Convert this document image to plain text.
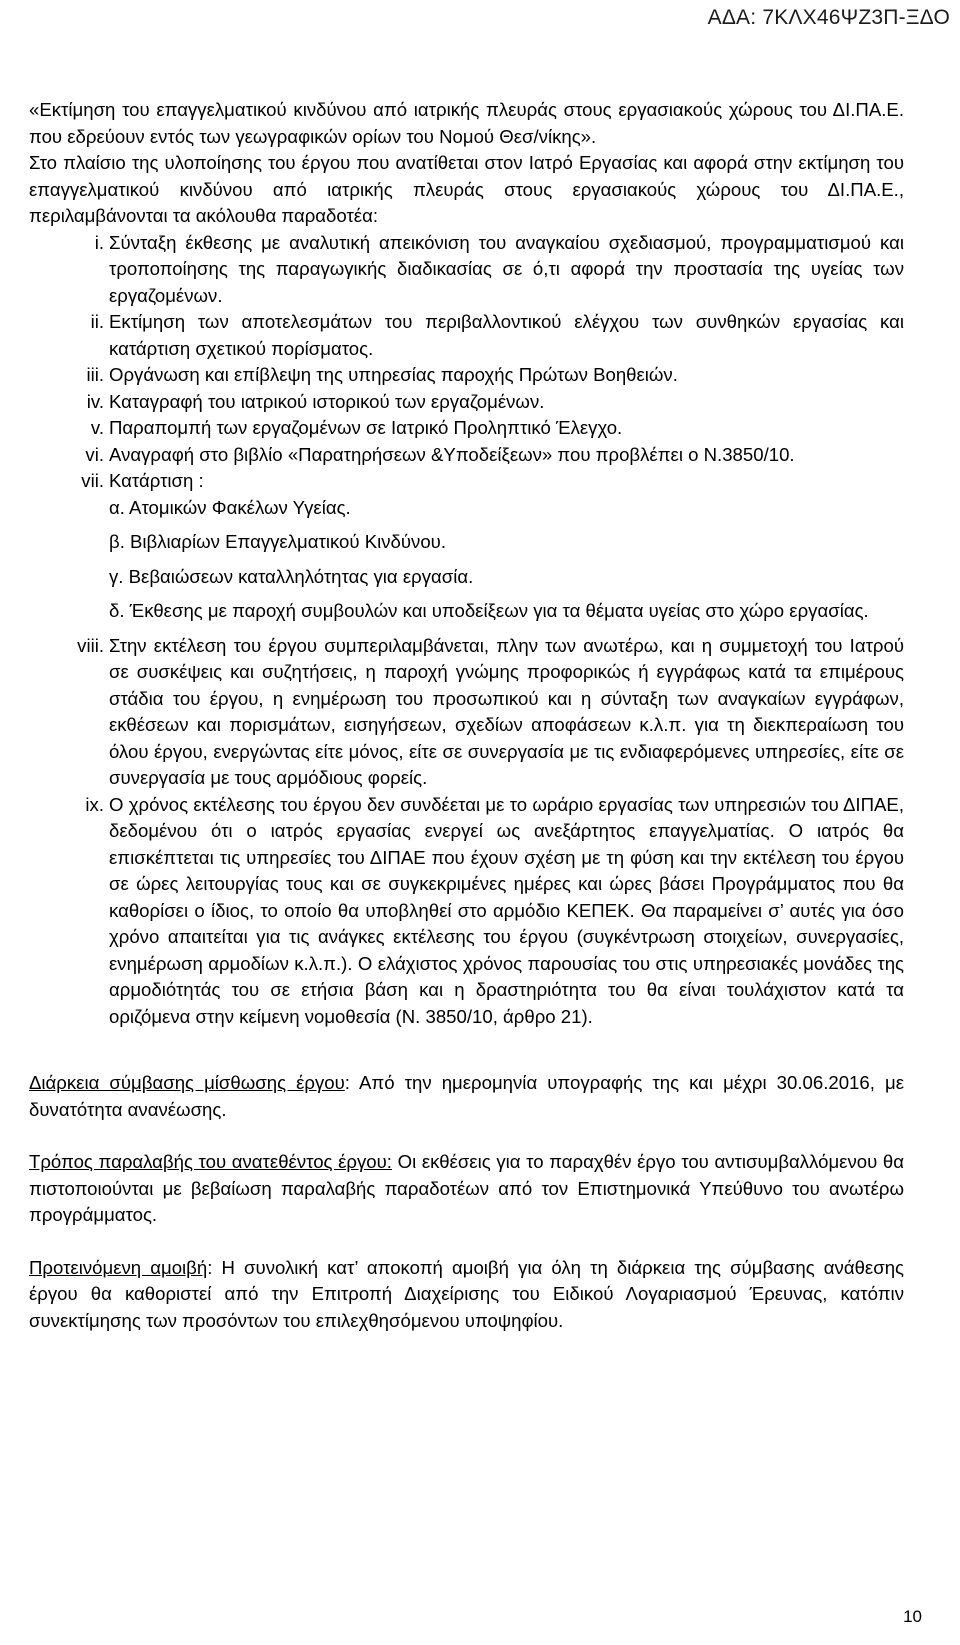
ΑΔΑ: 7ΚΛΧ46ΨΖ3Π-ΞΔΟ

«Εκτίμηση του επαγγελματικού κινδύνου από ιατρικής πλευράς στους εργασιακούς χώρους του ΔΙ.ΠΑ.Ε. που εδρεύουν εντός των γεωγραφικών ορίων του Νομού Θεσ/νίκης».

Στο πλαίσιο της υλοποίησης του έργου που ανατίθεται στον Ιατρό Εργασίας και αφορά στην εκτίμηση του επαγγελματικού κινδύνου από ιατρικής πλευράς στους εργασιακούς χώρους του ΔΙ.ΠΑ.Ε., περιλαμβάνονται τα ακόλουθα παραδοτέα:

i. Σύνταξη έκθεσης με αναλυτική απεικόνιση του αναγκαίου σχεδιασμού, προγραμματισμού και τροποποίησης της παραγωγικής διαδικασίας σε ό,τι αφορά την προστασία της υγείας των εργαζομένων.
ii. Εκτίμηση των αποτελεσμάτων του περιβαλλοντικού ελέγχου των συνθηκών εργασίας και κατάρτιση σχετικού πορίσματος.
iii. Οργάνωση και επίβλεψη της υπηρεσίας παροχής Πρώτων Βοηθειών.
iv. Καταγραφή του ιατρικού ιστορικού των εργαζομένων.
v. Παραπομπή των εργαζομένων σε Ιατρικό Προληπτικό Έλεγχο.
vi. Αναγραφή στο βιβλίο «Παρατηρήσεων &Υποδείξεων» που προβλέπει ο Ν.3850/10.
vii. Κατάρτιση :

α. Ατομικών Φακέλων Υγείας.

β. Βιβλιαρίων Επαγγελματικού Κινδύνου.

γ. Βεβαιώσεων καταλληλότητας για εργασία.

δ. Έκθεσης με παροχή συμβουλών και υποδείξεων για τα θέματα υγείας στο χώρο εργασίας.

viii. Στην εκτέλεση του έργου συμπεριλαμβάνεται, πλην των ανωτέρω, και η συμμετοχή του Ιατρού σε συσκέψεις και συζητήσεις, η παροχή γνώμης προφορικώς ή εγγράφως κατά τα επιμέρους στάδια του έργου, η ενημέρωση του προσωπικού και η σύνταξη των αναγκαίων εγγράφων, εκθέσεων και πορισμάτων, εισηγήσεων, σχεδίων αποφάσεων κ.λ.π. για τη διεκπεραίωση του όλου έργου, ενεργώντας είτε μόνος, είτε σε συνεργασία με τις ενδιαφερόμενες υπηρεσίες, είτε σε συνεργασία με τους αρμόδιους φορείς.
ix. Ο χρόνος εκτέλεσης του έργου δεν συνδέεται με το ωράριο εργασίας των υπηρεσιών του ΔΙΠΑΕ, δεδομένου ότι ο ιατρός εργασίας ενεργεί ως ανεξάρτητος επαγγελματίας. Ο ιατρός θα επισκέπτεται τις υπηρεσίες του ΔΙΠΑΕ που έχουν σχέση με τη φύση και την εκτέλεση του έργου σε ώρες λειτουργίας τους και σε συγκεκριμένες ημέρες και ώρες βάσει Προγράμματος που θα καθορίσει ο ίδιος, το οποίο θα υποβληθεί στο αρμόδιο ΚΕΠΕΚ. Θα παραμείνει σ’ αυτές για όσο χρόνο απαιτείται για τις ανάγκες εκτέλεσης του έργου (συγκέντρωση στοιχείων, συνεργασίες, ενημέρωση αρμοδίων κ.λ.π.). Ο ελάχιστος χρόνος παρουσίας του στις υπηρεσιακές μονάδες της αρμοδιότητάς του σε ετήσια βάση και η δραστηριότητα του θα είναι τουλάχιστον κατά τα οριζόμενα στην κείμενη νομοθεσία (Ν. 3850/10, άρθρο 21).

Διάρκεια σύμβασης μίσθωσης έργου: Από την ημερομηνία υπογραφής της και μέχρι 30.06.2016, με δυνατότητα ανανέωσης.

Τρόπος παραλαβής του ανατεθέντος έργου: Οι εκθέσεις για το παραχθέν έργο του αντισυμβαλλόμενου θα πιστοποιούνται με βεβαίωση παραλαβής παραδοτέων από τον Επιστημονικά Υπεύθυνο του ανωτέρω προγράμματος.

Προτεινόμενη αμοιβή: Η συνολική κατ’ αποκοπή αμοιβή για όλη τη διάρκεια της σύμβασης ανάθεσης έργου θα καθοριστεί από την Επιτροπή Διαχείρισης του Ειδικού Λογαριασμού Έρευνας, κατόπιν συνεκτίμησης των προσόντων του επιλεχθησόμενου υποψηφίου.

10
